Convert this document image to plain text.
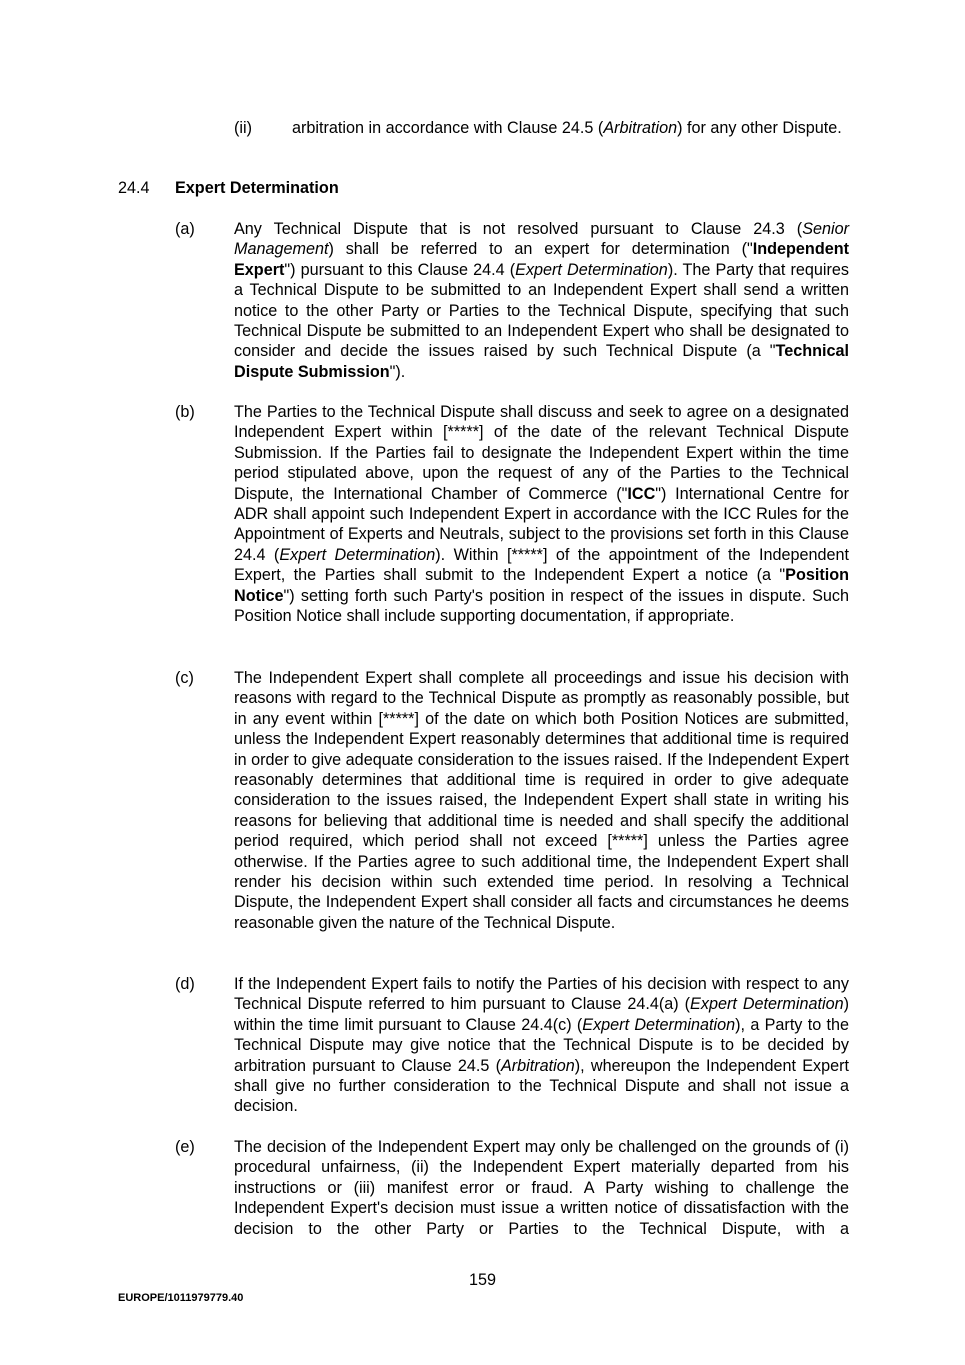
(ii) arbitration in accordance with Clause 24.5 (Arbitration) for any other Dispute.

24.4 Expert Determination
(a) Any Technical Dispute that is not resolved pursuant to Clause 24.3 (Senior Management) shall be referred to an expert for determination ("Independent Expert") pursuant to this Clause 24.4 (Expert Determination). The Party that requires a Technical Dispute to be submitted to an Independent Expert shall send a written notice to the other Party or Parties to the Technical Dispute, specifying that such Technical Dispute be submitted to an Independent Expert who shall be designated to consider and decide the issues raised by such Technical Dispute (a "Technical Dispute Submission").

(b) The Parties to the Technical Dispute shall discuss and seek to agree on a designated Independent Expert within [*****] of the date of the relevant Technical Dispute Submission. If the Parties fail to designate the Independent Expert within the time period stipulated above, upon the request of any of the Parties to the Technical Dispute, the International Chamber of Commerce ("ICC") International Centre for ADR shall appoint such Independent Expert in accordance with the ICC Rules for the Appointment of Experts and Neutrals, subject to the provisions set forth in this Clause 24.4 (Expert Determination). Within [*****] of the appointment of the Independent Expert, the Parties shall submit to the Independent Expert a notice (a "Position Notice") setting forth such Party's position in respect of the issues in dispute. Such Position Notice shall include supporting documentation, if appropriate.

(c) The Independent Expert shall complete all proceedings and issue his decision with reasons with regard to the Technical Dispute as promptly as reasonably possible, but in any event within [*****] of the date on which both Position Notices are submitted, unless the Independent Expert reasonably determines that additional time is required in order to give adequate consideration to the issues raised. If the Independent Expert reasonably determines that additional time is required in order to give adequate consideration to the issues raised, the Independent Expert shall state in writing his reasons for believing that additional time is needed and shall specify the additional period required, which period shall not exceed [*****] unless the Parties agree otherwise. If the Parties agree to such additional time, the Independent Expert shall render his decision within such extended time period. In resolving a Technical Dispute, the Independent Expert shall consider all facts and circumstances he deems reasonable given the nature of the Technical Dispute.

(d) If the Independent Expert fails to notify the Parties of his decision with respect to any Technical Dispute referred to him pursuant to Clause 24.4(a) (Expert Determination) within the time limit pursuant to Clause 24.4(c) (Expert Determination), a Party to the Technical Dispute may give notice that the Technical Dispute is to be decided by arbitration pursuant to Clause 24.5 (Arbitration), whereupon the Independent Expert shall give no further consideration to the Technical Dispute and shall not issue a decision.

(e) The decision of the Independent Expert may only be challenged on the grounds of (i) procedural unfairness, (ii) the Independent Expert materially departed from his instructions or (iii) manifest error or fraud. A Party wishing to challenge the Independent Expert's decision must issue a written notice of dissatisfaction with the decision to the other Party or Parties to the Technical Dispute, with a

159
EUROPE/1011979779.40
